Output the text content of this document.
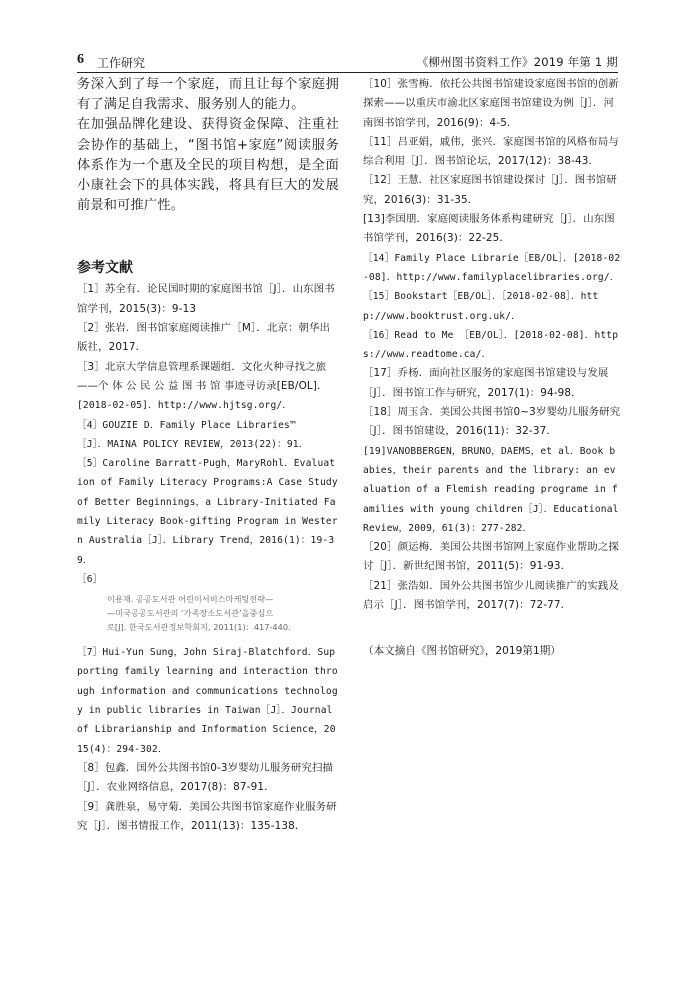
6 工作研究	《柳州图书资料工作》2019 年第 1 期

务深入到了每一个家庭，而且让每个家庭拥有了满足自我需求、服务别人的能力。

在加强品牌化建设、获得资金保障、注重社会协作的基础上，“图书馆+家庭”阅读服务体系作为一个惠及全民的项目构想，是全面小康社会下的具体实践，将具有巨大的发展前景和可推广性。

参考文献
［1］苏全有．论民国时期的家庭图书馆［J］．山东图书馆学刊，2015(3)：9-13
［2］张岩．图书馆家庭阅读推广［M］．北京：朝华出版社，2017．
［3］北京大学信息管理系课题组．文化火种寻找之旅——个 体 公 民 公 益 图 书 馆 事迹寻访录[EB/OL]．
[2018-02-05]．http://www.hjtsg.org/．
［4］GOUZIE D．Family Place Libraries™
［J］．MAINA POLICY REVIEW，2013(22)：91．
［5］Caroline Barratt-Pugh，MaryRohl．Evaluation of Family Literacy Programs:A Case Study of Better Beginnings，a Library-Initiated Family Literacy Book-gifting Program in Western Australia［J］．Library Trend，2016(1)：19-39．
［6］
이용재. 공공도서관 어린이서비스마케팅전략—
—미국공공도서관의 ‘가족장소도서관’을중심으
로[J]. 한국도서관정보학회지, 2011(1)：417-440.
［7］Hui-Yun Sung，John Siraj-Blatchford．Supporting family learning and interaction through information and communications technology in public libraries in Taiwan［J］．Journal of Librarianship and Information Science，2015(4)：294-302．
［8］包鑫．国外公共图书馆0-3岁婴幼儿服务研究扫描［J］．农业网络信息，2017(8)：87-91．
［9］龚胜泉，易守菊．美国公共图书馆家庭作业服务研究［J］．图书情报工作，2011(13)：135-138．
［10］张雪梅．依托公共图书馆建设家庭图书馆的创新探索——以重庆市渝北区家庭图书馆建设为例［J］．河南图书馆学刊，2016(9)：4-5．
［11］吕亚娟，戚伟，张兴．家庭图书馆的风格布局与综合利用［J］．图书馆论坛，2017(12)：38-43．
［12］王慧．社区家庭图书馆建设探讨［J］．图书馆研究，2016(3)：31-35．
[13]李国朋．家庭阅读服务体系构建研究［J］．山东图书馆学刊，2016(3)：22-25．
［14］Family Place Librarie［EB/OL］．[2018-02-08]．http://www.familyplacelibraries.org/．
［15］Bookstart［EB/OL］．［2018-02-08］．http://www.booktrust.org.uk/．
［16］Read to Me ［EB/OL］．[2018-02-08]．https://www.readtome.ca/．
［17］乔杨．面向社区服务的家庭图书馆建设与发展［J］．图书馆工作与研究，2017(1)：94-98．
［18］周玉含．美国公共图书馆0~3岁婴幼儿服务研究［J］．图书馆建设，2016(11)：32-37．
[19]VANOBBERGEN，BRUNO，DAEMS，et al．Book babies，their parents and the library: an evaluation of a Flemish reading programe in families with young children［J］．Educational Review，2009，61(3)：277-282．
［20］颜运梅．美国公共图书馆网上家庭作业帮助之探讨［J］．新世纪图书馆，2011(5)：91-93．
［21］张浩如．国外公共图书馆少儿阅读推广的实践及启示［J］．图书馆学刊，2017(7)：72-77．
（本文摘自《图书馆研究》，2019第1期）
